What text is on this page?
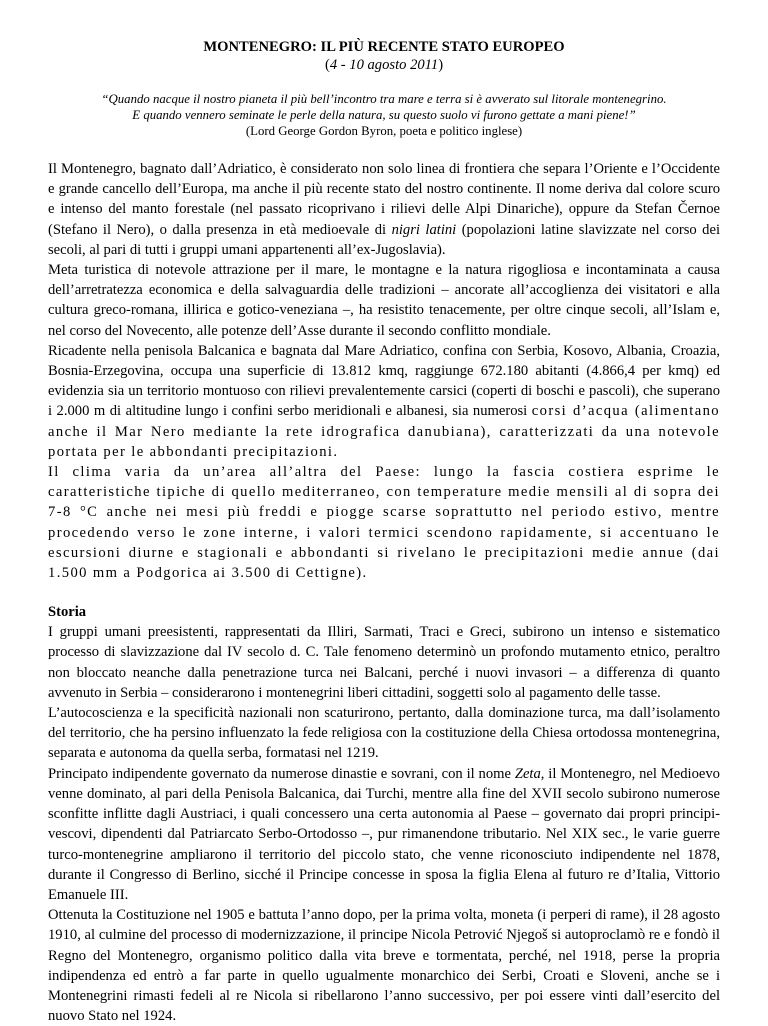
MONTENEGRO: IL PIÙ RECENTE STATO EUROPEO

(4 - 10 agosto 2011)

“Quando nacque il nostro pianeta il più bell’incontro tra mare e terra si è avverato sul litorale montenegrino.
E quando vennero seminate le perle della natura, su questo suolo vi furono gettate a mani piene!”
(Lord George Gordon Byron, poeta e politico inglese)

Il Montenegro, bagnato dall’Adriatico, è considerato non solo linea di frontiera che separa l’Oriente e l’Occidente e grande cancello dell’Europa, ma anche il più recente stato del nostro continente. Il nome deriva dal colore scuro e intenso del manto forestale (nel passato ricoprivano i rilievi delle Alpi Dinariche), oppure da Stefan Černoe (Stefano il Nero), o dalla presenza in età medioevale di nigri latini (popolazioni latine slavizzate nel corso dei secoli, al pari di tutti i gruppi umani appartenenti all’ex-Jugoslavia).

Meta turistica di notevole attrazione per il mare, le montagne e la natura rigogliosa e incontaminata a causa dell’arretratezza economica e della salvaguardia delle tradizioni – ancorate all’accoglienza dei visitatori e alla cultura greco-romana, illirica e gotico-veneziana –, ha resistito tenacemente, per oltre cinque secoli, all’Islam e, nel corso del Novecento, alle potenze dell’Asse durante il secondo conflitto mondiale.

Ricadente nella penisola Balcanica e bagnata dal Mare Adriatico, confina con Serbia, Kosovo, Albania, Croazia, Bosnia-Erzegovina, occupa una superficie di 13.812 kmq, raggiunge 672.180 abitanti (4.866,4 per kmq) ed evidenzia sia un territorio montuoso con rilievi prevalentemente carsici (coperti di boschi e pascoli), che superano i 2.000 m di altitudine lungo i confini serbo meridionali e albanesi, sia numerosi corsi d’acqua (alimentano anche il Mar Nero mediante la rete idrografica danubiana), caratterizzati da una notevole portata per le abbondanti precipitazioni.

Il clima varia da un’area all’altra del Paese: lungo la fascia costiera esprime le caratteristiche tipiche di quello mediterraneo, con temperature medie mensili al di sopra dei 7-8 °C anche nei mesi più freddi e piogge scarse soprattutto nel periodo estivo, mentre procedendo verso le zone interne, i valori termici scendono rapidamente, si accentuano le escursioni diurne e stagionali e abbondanti si rivelano le precipitazioni medie annue (dai 1.500 mm a Podgorica ai 3.500 di Cettigne).

Storia

I gruppi umani preesistenti, rappresentati da Illiri, Sarmati, Traci e Greci, subirono un intenso e sistematico processo di slavizzazione dal IV secolo d. C. Tale fenomeno determinò un profondo mutamento etnico, peraltro non bloccato neanche dalla penetrazione turca nei Balcani, perché i nuovi invasori – a differenza di quanto avvenuto in Serbia – considerarono i montenegrini liberi cittadini, soggetti solo al pagamento delle tasse.

L’autocoscienza e la specificità nazionali non scaturirono, pertanto, dalla dominazione turca, ma dall’isolamento del territorio, che ha persino influenzato la fede religiosa con la costituzione della Chiesa ortodossa montenegrina, separata e autonoma da quella serba, formatasi nel 1219.

Principato indipendente governato da numerose dinastie e sovrani, con il nome Zeta, il Montenegro, nel Medioevo venne dominato, al pari della Penisola Balcanica, dai Turchi, mentre alla fine del XVII secolo subirono numerose sconfitte inflitte dagli Austriaci, i quali concessero una certa autonomia al Paese – governato dai propri principi-vescovi, dipendenti dal Patriarcato Serbo-Ortodosso –, pur rimanendone tributario. Nel XIX sec., le varie guerre turco-montenegrine ampliarono il territorio del piccolo stato, che venne riconosciuto indipendente nel 1878, durante il Congresso di Berlino, sicché il Principe concesse in sposa la figlia Elena al futuro re d’Italia, Vittorio Emanuele III.

Ottenuta la Costituzione nel 1905 e battuta l’anno dopo, per la prima volta, moneta (i perperi di rame), il 28 agosto 1910, al culmine del processo di modernizzazione, il principe Nicola Petrović Njegoš si autoproclamò re e fondò il Regno del Montenegro, organismo politico dalla vita breve e tormentata, perché, nel 1918, perse la propria indipendenza ed entrò a far parte in quello ugualmente monarchico dei Serbi, Croati e Sloveni, anche se i Montenegrini rimasti fedeli al re Nicola si ribellarono l’anno successivo, per poi essere vinti dall’esercito del nuovo Stato nel 1924.
